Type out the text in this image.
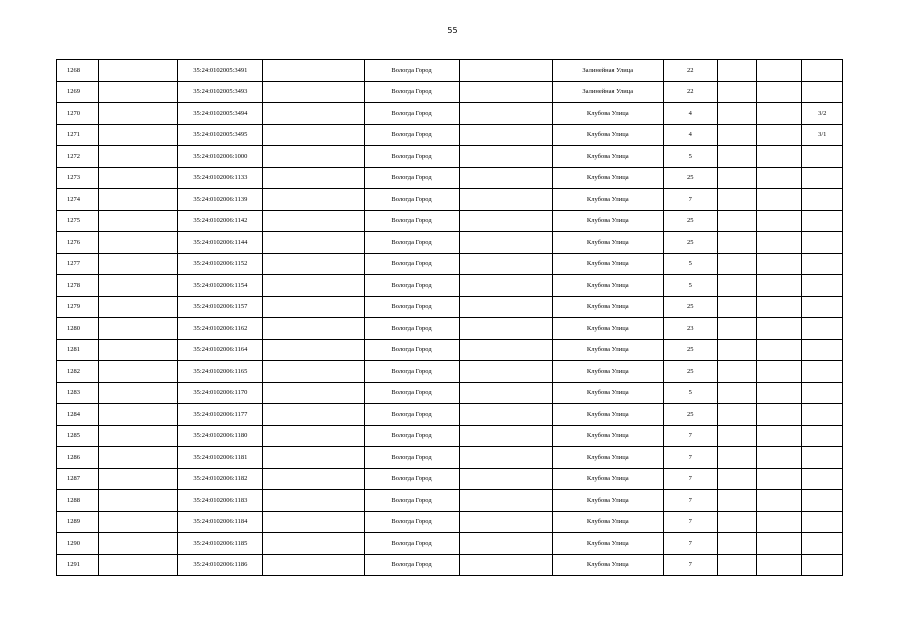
55
1268		35:24:0102005:3491		Вологда Город		Залинейная Улица	22			
1269		35:24:0102005:3493		Вологда Город		Залинейная Улица	22			
1270		35:24:0102005:3494		Вологда Город		Клубова Улица	4			3/2
1271		35:24:0102005:3495		Вологда Город		Клубова Улица	4			3/1
1272		35:24:0102006:1000		Вологда Город		Клубова Улица	5			
1273		35:24:0102006:1133		Вологда Город		Клубова Улица	25			
1274		35:24:0102006:1139		Вологда Город		Клубова Улица	7			
1275		35:24:0102006:1142		Вологда Город		Клубова Улица	25			
1276		35:24:0102006:1144		Вологда Город		Клубова Улица	25			
1277		35:24:0102006:1152		Вологда Город		Клубова Улица	5			
1278		35:24:0102006:1154		Вологда Город		Клубова Улица	5			
1279		35:24:0102006:1157		Вологда Город		Клубова Улица	25			
1280		35:24:0102006:1162		Вологда Город		Клубова Улица	23			
1281		35:24:0102006:1164		Вологда Город		Клубова Улица	25			
1282		35:24:0102006:1165		Вологда Город		Клубова Улица	25			
1283		35:24:0102006:1170		Вологда Город		Клубова Улица	5			
1284		35:24:0102006:1177		Вологда Город		Клубова Улица	25			
1285		35:24:0102006:1180		Вологда Город		Клубова Улица	7			
1286		35:24:0102006:1181		Вологда Город		Клубова Улица	7			
1287		35:24:0102006:1182		Вологда Город		Клубова Улица	7			
1288		35:24:0102006:1183		Вологда Город		Клубова Улица	7			
1289		35:24:0102006:1184		Вологда Город		Клубова Улица	7			
1290		35:24:0102006:1185		Вологда Город		Клубова Улица	7			
1291		35:24:0102006:1186		Вологда Город		Клубова Улица	7			
